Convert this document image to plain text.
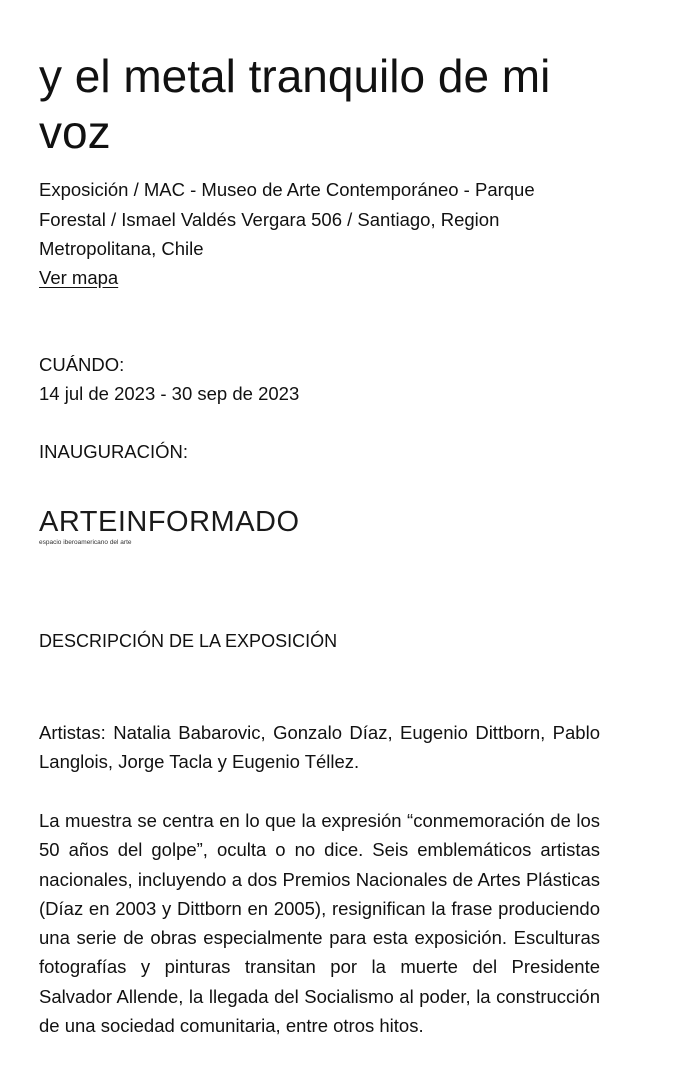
y el metal tranquilo de mi voz

Exposición / MAC - Museo de Arte Contemporáneo - Parque Forestal / Ismael Valdés Vergara 506 / Santiago, Region Metropolitana, Chile

Ver mapa

CUÁNDO:

14 jul de 2023 - 30 sep de 2023

INAUGURACIÓN:

ARTEINFORMADO
espacio iberoamericano del arte
DESCRIPCIÓN DE LA EXPOSICIÓN

Artistas: Natalia Babarovic, Gonzalo Díaz, Eugenio Dittborn, Pablo Langlois, Jorge Tacla y Eugenio Téllez.

La muestra se centra en lo que la expresión “conmemoración de los 50 años del golpe”, oculta o no dice. Seis emblemáticos artistas nacionales, incluyendo a dos Premios Nacionales de Artes Plásticas (Díaz en 2003 y Dittborn en 2005), resignifican la frase produciendo una serie de obras especialmente para esta exposición. Esculturas fotografías y pinturas transitan por la muerte del Presidente Salvador Allende, la llegada del Socialismo al poder, la construcción de una sociedad comunitaria, entre otros hitos.
